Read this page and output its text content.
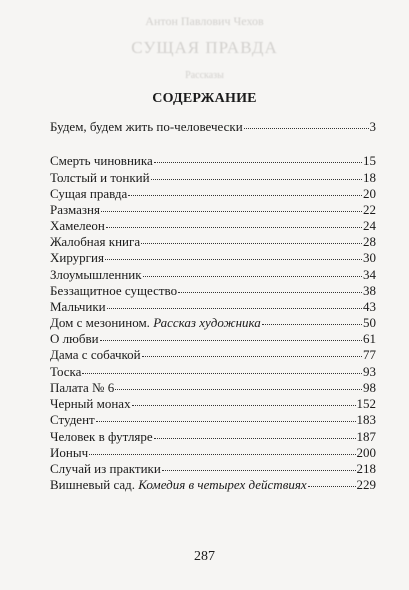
Антон Павлович Чехов
СУЩАЯ ПРАВДА
Рассказы
СОДЕРЖАНИЕ
Будем, будем жить по-человечески	3
Смерть чиновника	15
Толстый и тонкий	18
Сущая правда	20
Размазня	22
Хамелеон	24
Жалобная книга	28
Хирургия	30
Злоумышленник	34
Беззащитное существо	38
Мальчики	43
Дом с мезонином. Рассказ художника	50
О любви	61
Дама с собачкой	77
Тоска	93
Палата № 6	98
Черный монах	152
Студент	183
Человек в футляре	187
Ионыч	200
Случай из практики	218
Вишневый сад. Комедия в четырех действиях	229
287
